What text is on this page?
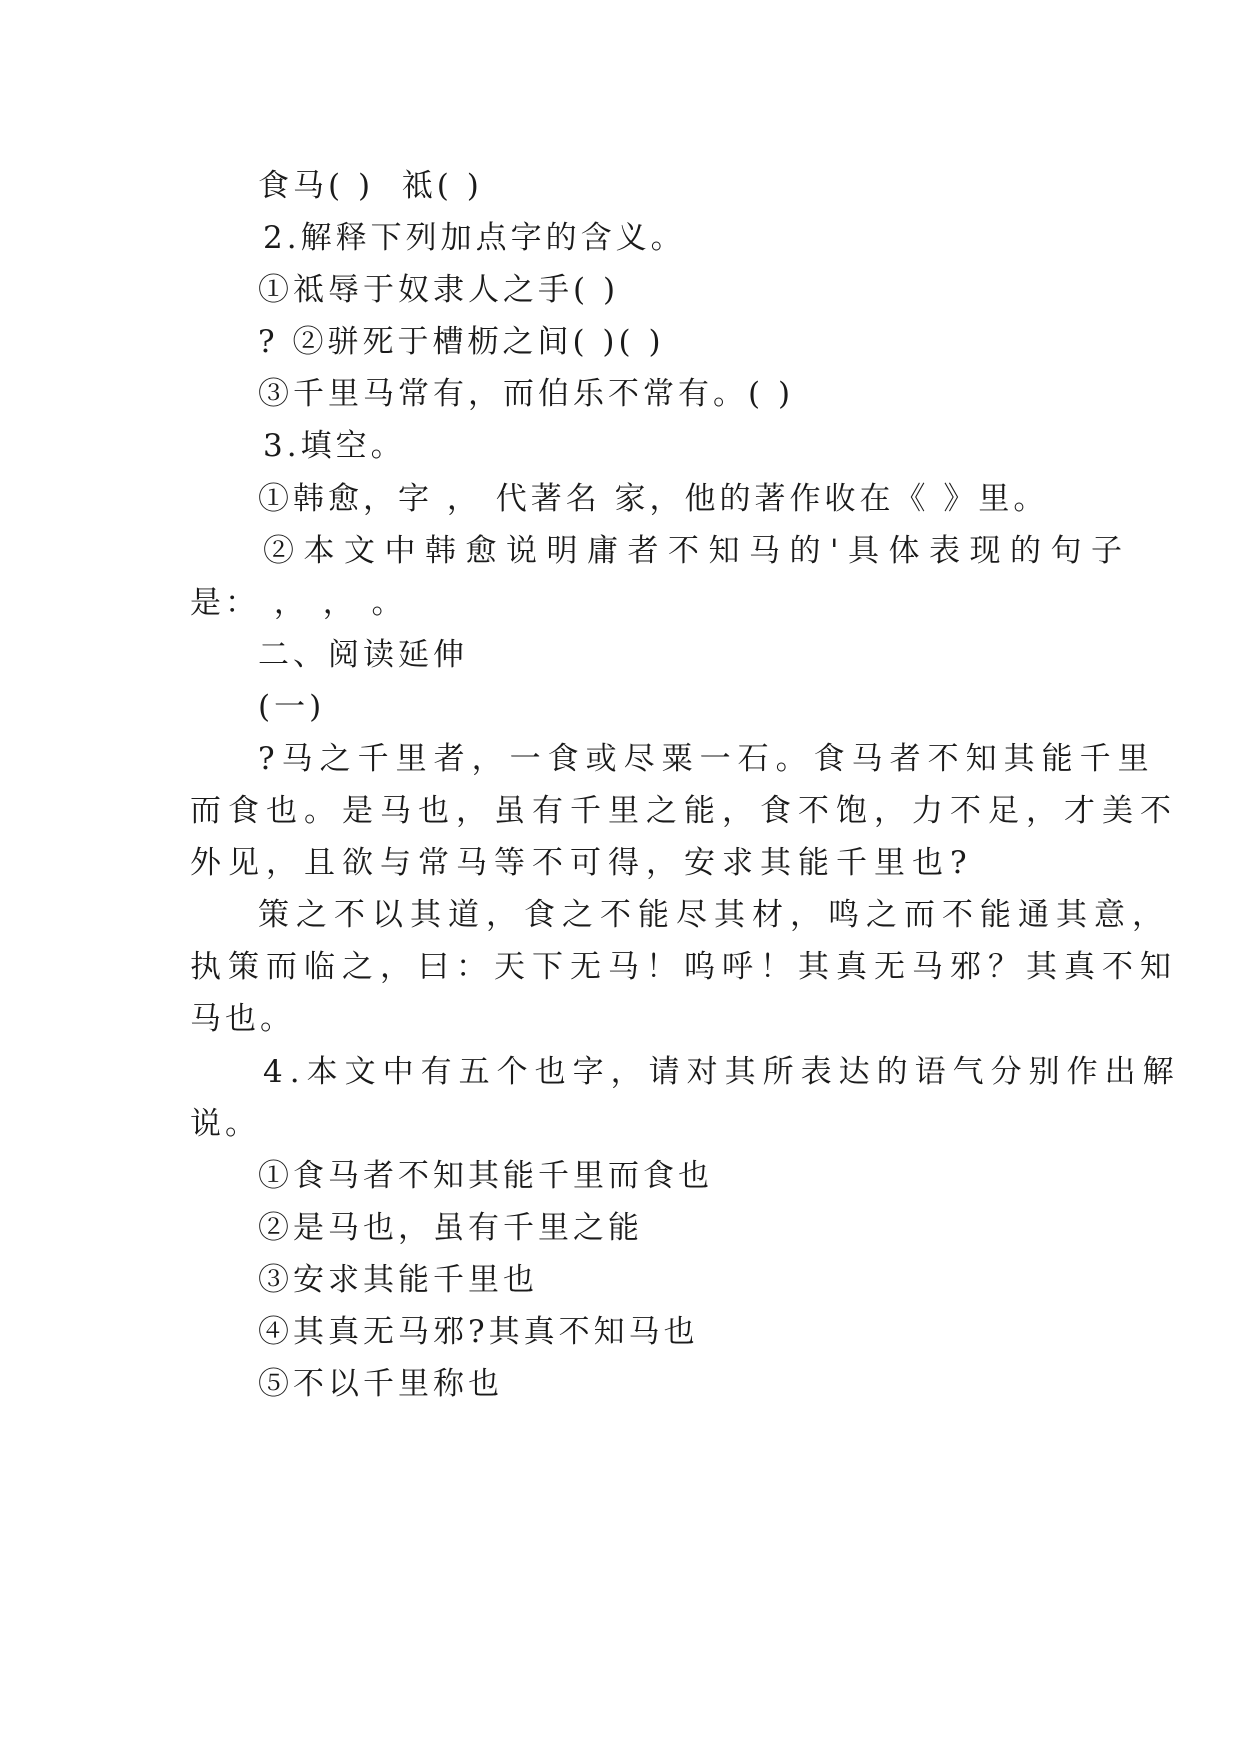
食马( )  祗( )
2.解释下列加点字的含义。
①祗辱于奴隶人之手( )
? ②骈死于槽枥之间( )( )
③千里马常有，而伯乐不常有。( )
3.填空。
①韩愈，字 ， 代著名 家，他的著作收在《 》里。
②本文中韩愈说明庸者不知马的'具体表现的句子
是： ， ， 。
二、阅读延伸
(一)
?马之千里者，一食或尽粟一石。食马者不知其能千里
而食也。是马也，虽有千里之能，食不饱，力不足，才美不
外见，且欲与常马等不可得，安求其能千里也?
策之不以其道，食之不能尽其材，鸣之而不能通其意，
执策而临之，曰：天下无马！呜呼！其真无马邪？其真不知
马也。
4.本文中有五个也字，请对其所表达的语气分别作出解
说。
①食马者不知其能千里而食也
②是马也，虽有千里之能
③安求其能千里也
④其真无马邪?其真不知马也
⑤不以千里称也
